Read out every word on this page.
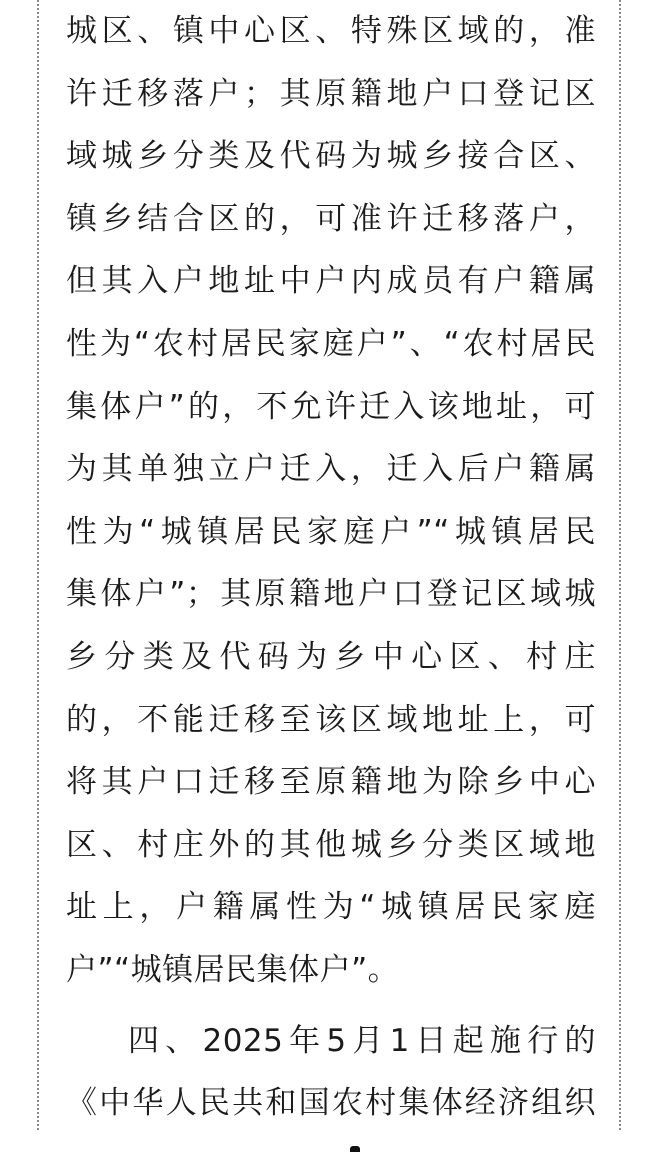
城区、镇中心区、特殊区域的，准
许迁移落户；其原籍地户口登记区
域城乡分类及代码为城乡接合区、
镇乡结合区的，可准许迁移落户，
但其入户地址中户内成员有户籍属
性为“农村居民家庭户”、“农村居民
集体户”的，不允许迁入该地址，可
为其单独立户迁入，迁入后户籍属
性为“城镇居民家庭户”“城镇居民
集体户”；其原籍地户口登记区域城
乡分类及代码为乡中心区、村庄
的，不能迁移至该区域地址上，可
将其户口迁移至原籍地为除乡中心
区、村庄外的其他城乡分类区域地
址上，户籍属性为“城镇居民家庭
户”“城镇居民集体户”。
四、2025年5月1日起施行的
《中华人民共和国农村集体经济组织
